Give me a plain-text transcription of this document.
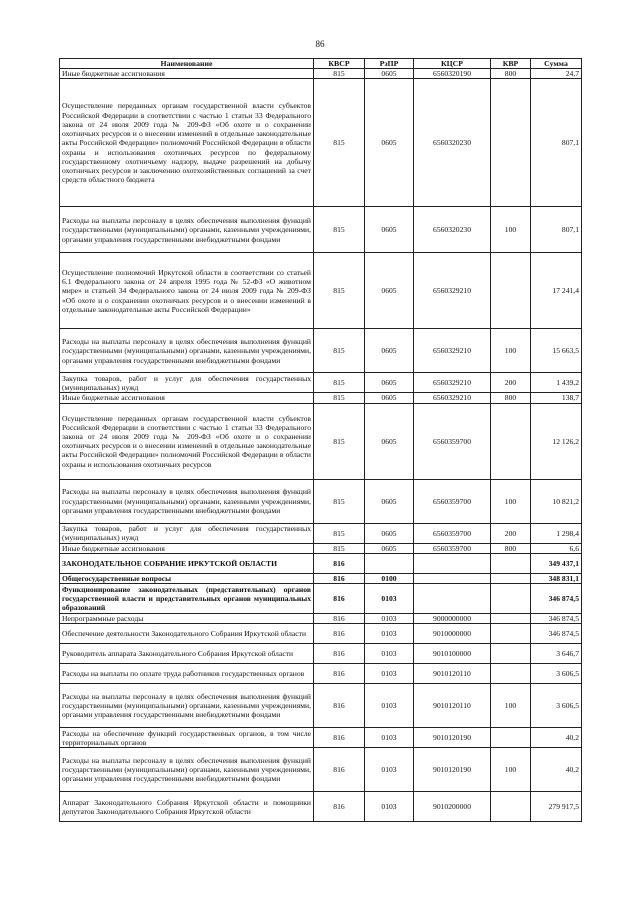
86
Наименование	КВСР	РзПР	КЦСР	КВР	Сумма
Иные бюджетные ассигнования	815	0605	6560320190	800	24,7
Осуществление переданных органам государственной власти субъектов Российской Федерации в соответствии с частью 1 статьи 33 Федерального закона от 24 июля 2009 года № 209-ФЗ «Об охоте и о сохранении охотничьих ресурсов и о внесении изменений в отдельные законодательные акты Российской Федерации» полномочий Российской Федерации в области охраны и использования охотничьих ресурсов по федеральному государственному охотничьему надзору, выдаче разрешений на добычу охотничьих ресурсов и заключению охотхозяйственных соглашений за счет средств областного бюджета	815	0605	6560320230		807,1
Расходы на выплаты персоналу в целях обеспечения выполнения функций государственными (муниципальными) органами, казенными учреждениями, органами управления государственными внебюджетными фондами	815	0605	6560320230	100	807,1
Осуществление полномочий Иркутской области в соответствии со статьей 6.1 Федерального закона от 24 апреля 1995 года № 52-ФЗ «О животном мире» и статьей 34 Федерального закона от 24 июля 2009 года № 209-ФЗ «Об охоте и о сохранении охотничьих ресурсов и о внесении изменений в отдельные законодательные акты Российской Федерации»	815	0605	6560329210		17 241,4
Расходы на выплаты персоналу в целях обеспечения выполнения функций государственными (муниципальными) органами, казенными учреждениями, органами управления государственными внебюджетными фондами	815	0605	6560329210	100	15 663,5
Закупка товаров, работ и услуг для обеспечения государственных (муниципальных) нужд	815	0605	6560329210	200	1 439,2
Иные бюджетные ассигнования	815	0605	6560329210	800	138,7
Осуществление переданных органам государственной власти субъектов Российской Федерации в соответствии с частью 1 статьи 33 Федерального закона от 24 июля 2009 года № 209-ФЗ «Об охоте и о сохранении охотничьих ресурсов и о внесении изменений в отдельные законодательные акты Российской Федерации» полномочий Российской Федерации в области охраны и использования охотничьих ресурсов	815	0605	6560359700		12 126,2
Расходы на выплаты персоналу в целях обеспечения выполнения функций государственными (муниципальными) органами, казенными учреждениями, органами управления государственными внебюджетными фондами	815	0605	6560359700	100	10 821,2
Закупка товаров, работ и услуг для обеспечения государственных (муниципальных) нужд	815	0605	6560359700	200	1 298,4
Иные бюджетные ассигнования	815	0605	6560359700	800	6,6
ЗАКОНОДАТЕЛЬНОЕ СОБРАНИЕ ИРКУТСКОЙ ОБЛАСТИ	816				349 437,1
Общегосударственные вопросы	816	0100			348 831,1
Функционирование законодательных (представительных) органов государственной власти и представительных органов муниципальных образований	816	0103			346 874,5
Непрограммные расходы	816	0103	9000000000		346 874,5
Обеспечение деятельности Законодательного Собрания Иркутской области	816	0103	9010000000		346 874,5
Руководитель аппарата Законодательного Собрания Иркутской области	816	0103	9010100000		3 646,7
Расходы на выплаты по оплате труда работников государственных органов	816	0103	9010120110		3 606,5
Расходы на выплаты персоналу в целях обеспечения выполнения функций государственными (муниципальными) органами, казенными учреждениями, органами управления государственными внебюджетными фондами	816	0103	9010120110	100	3 606,5
Расходы на обеспечение функций государственных органов, в том числе территориальных органов	816	0103	9010120190		40,2
Расходы на выплаты персоналу в целях обеспечения выполнения функций государственными (муниципальными) органами, казенными учреждениями, органами управления государственными внебюджетными фондами	816	0103	9010120190	100	40,2
Аппарат Законодательного Собрания Иркутской области и помощники депутатов Законодательного Собрания Иркутской области	816	0103	9010200000		279 917,5
